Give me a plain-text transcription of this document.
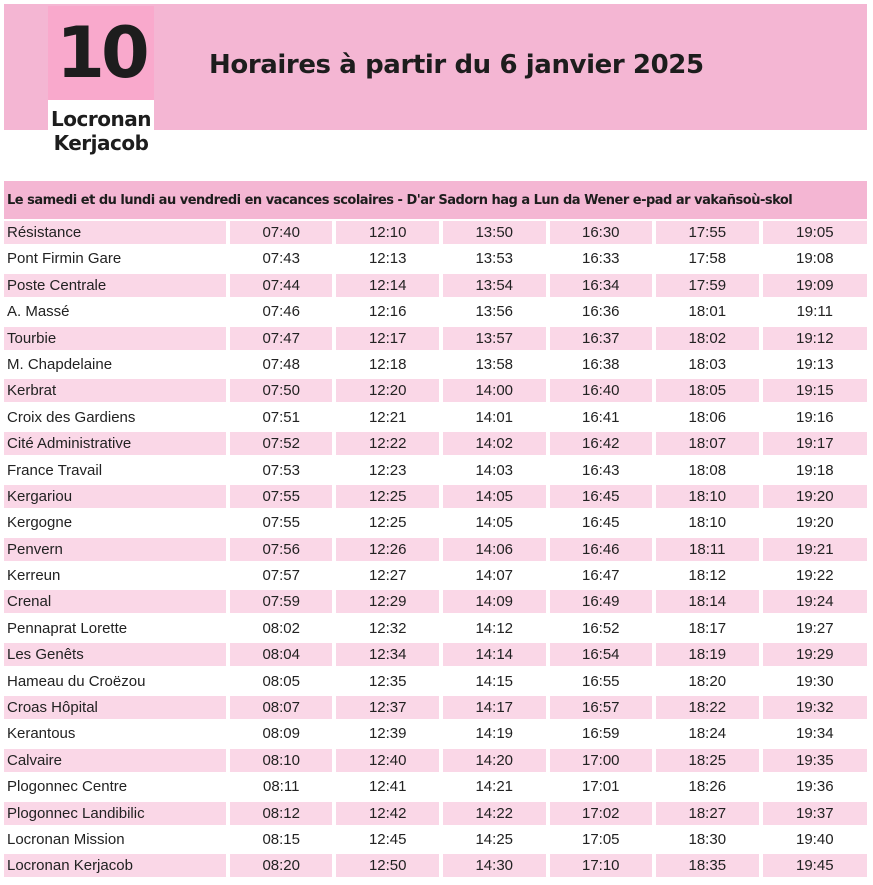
10
Locronan
Kerjacob
Horaires à partir du 6 janvier 2025
Le samedi et du lundi au vendredi en vacances scolaires - D'ar Sadorn hag a Lun da Wener e-pad ar vakañsoù-skol
Résistance	07:40	12:10	13:50	16:30	17:55	19:05
Pont Firmin Gare	07:43	12:13	13:53	16:33	17:58	19:08
Poste Centrale	07:44	12:14	13:54	16:34	17:59	19:09
A. Massé	07:46	12:16	13:56	16:36	18:01	19:11
Tourbie	07:47	12:17	13:57	16:37	18:02	19:12
M. Chapdelaine	07:48	12:18	13:58	16:38	18:03	19:13
Kerbrat	07:50	12:20	14:00	16:40	18:05	19:15
Croix des Gardiens	07:51	12:21	14:01	16:41	18:06	19:16
Cité Administrative	07:52	12:22	14:02	16:42	18:07	19:17
France Travail	07:53	12:23	14:03	16:43	18:08	19:18
Kergariou	07:55	12:25	14:05	16:45	18:10	19:20
Kergogne	07:55	12:25	14:05	16:45	18:10	19:20
Penvern	07:56	12:26	14:06	16:46	18:11	19:21
Kerreun	07:57	12:27	14:07	16:47	18:12	19:22
Crenal	07:59	12:29	14:09	16:49	18:14	19:24
Pennaprat Lorette	08:02	12:32	14:12	16:52	18:17	19:27
Les Genêts	08:04	12:34	14:14	16:54	18:19	19:29
Hameau du Croëzou	08:05	12:35	14:15	16:55	18:20	19:30
Croas Hôpital	08:07	12:37	14:17	16:57	18:22	19:32
Kerantous	08:09	12:39	14:19	16:59	18:24	19:34
Calvaire	08:10	12:40	14:20	17:00	18:25	19:35
Plogonnec Centre	08:11	12:41	14:21	17:01	18:26	19:36
Plogonnec Landibilic	08:12	12:42	14:22	17:02	18:27	19:37
Locronan Mission	08:15	12:45	14:25	17:05	18:30	19:40
Locronan Kerjacob	08:20	12:50	14:30	17:10	18:35	19:45
